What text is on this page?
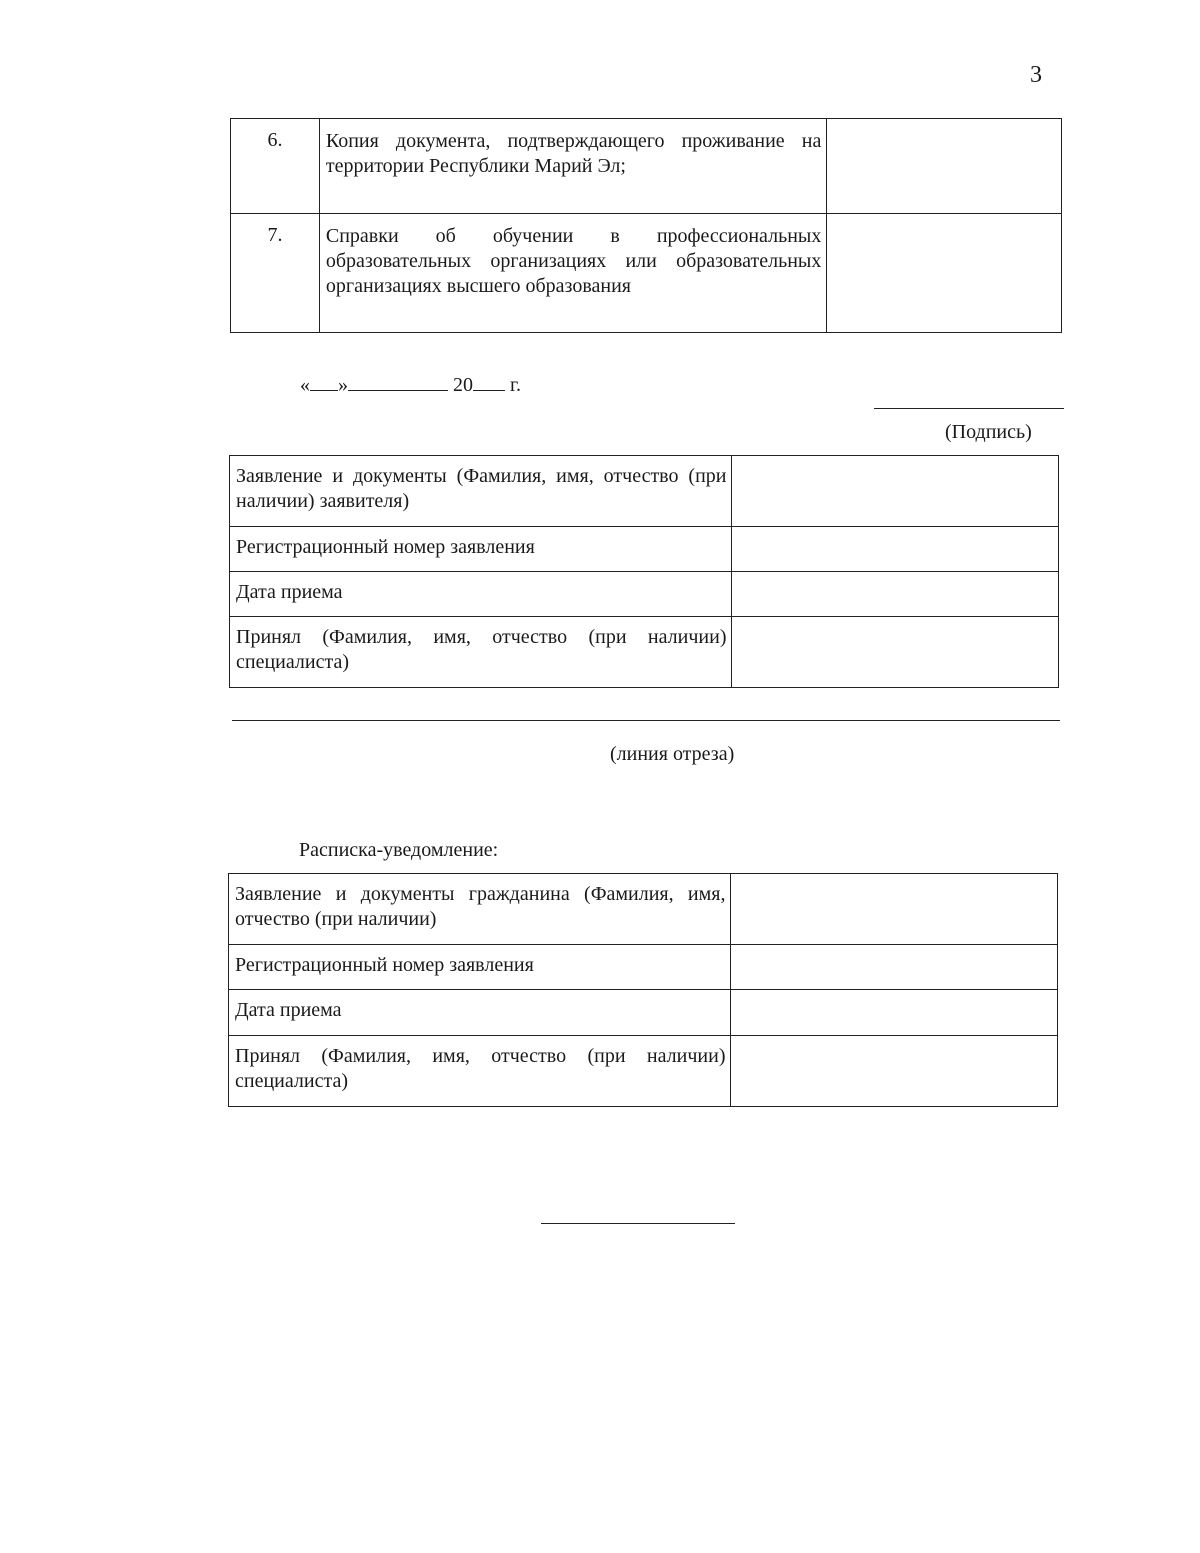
3
6.	Копия документа, подтверждающего проживание на территории Республики Марий Эл;	
7.	Справки об обучении в профессиональных образовательных организациях или образовательных организациях высшего образования	
« »	20 г.
(Подпись)
Заявление и документы (Фамилия, имя, отчество (при наличии) заявителя)	
Регистрационный номер заявления	
Дата приема	
Принял (Фамилия, имя, отчество (при наличии) специалиста)	
(линия отреза)
Расписка-уведомление:
Заявление и документы гражданина (Фамилия, имя, отчество (при наличии)	
Регистрационный номер заявления	
Дата приема	
Принял (Фамилия, имя, отчество (при наличии) специалиста)	
